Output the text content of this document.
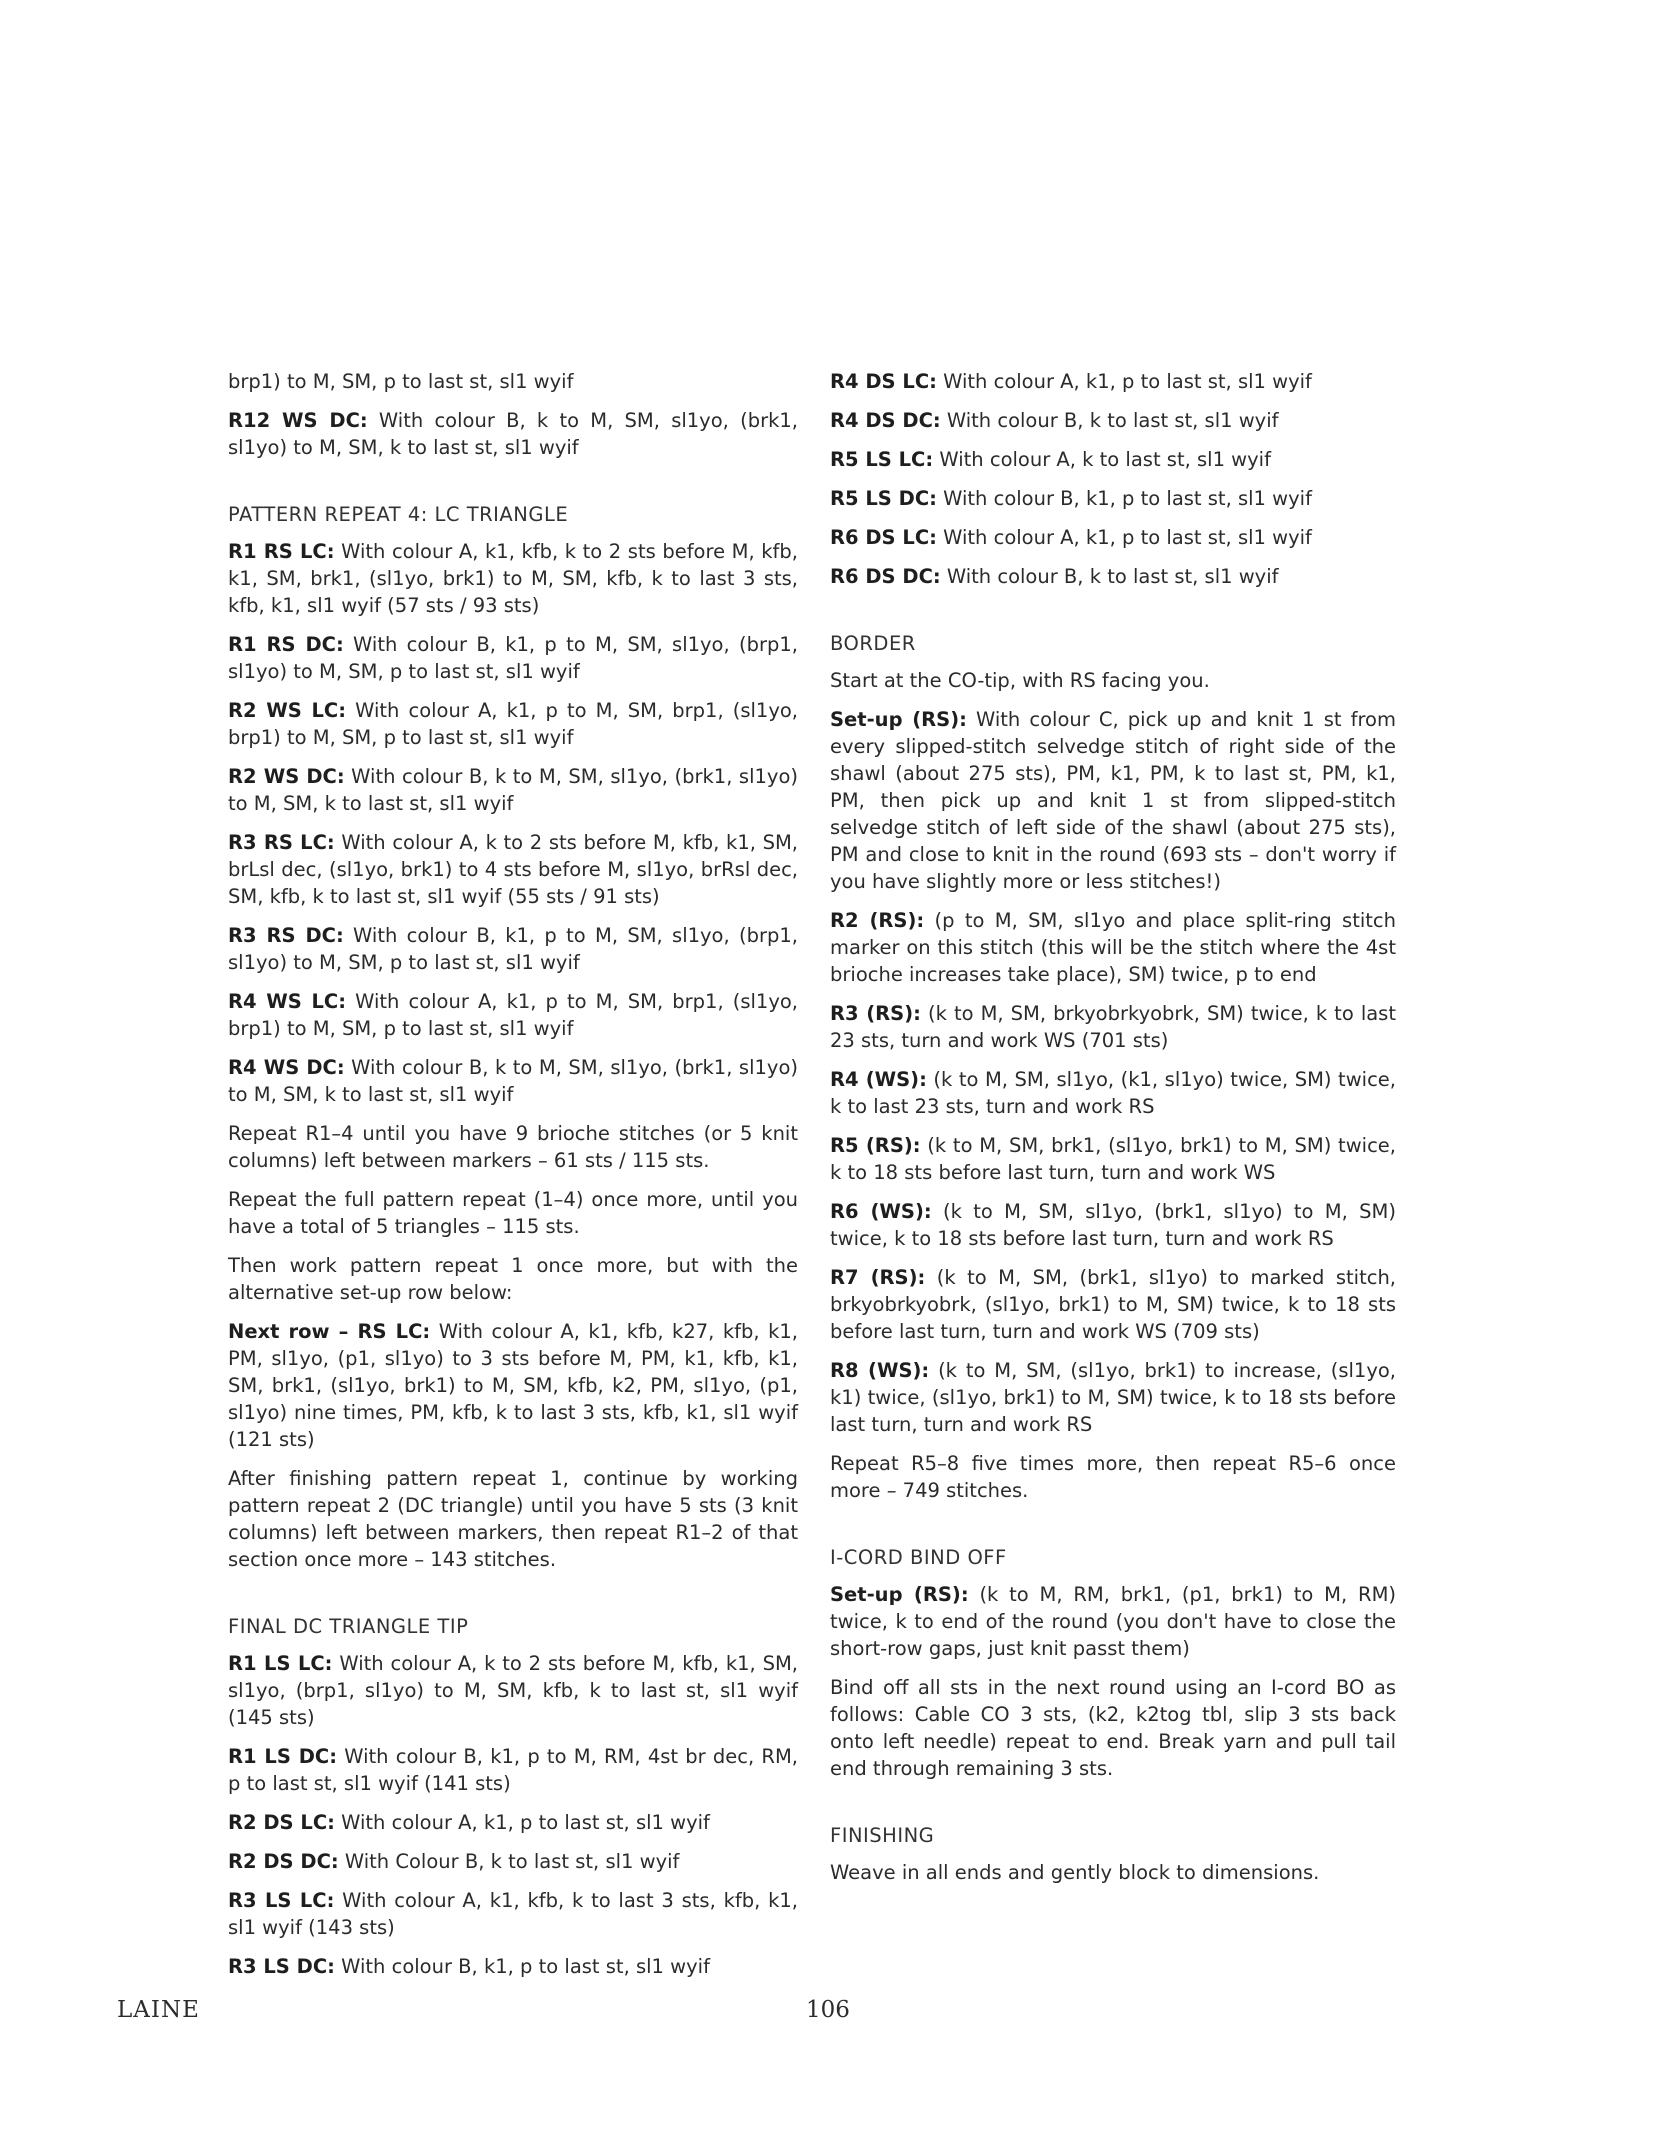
brp1) to M, SM, p to last st, sl1 wyif

R12 WS DC: With colour B, k to M, SM, sl1yo, (brk1, sl1yo) to M, SM, k to last st, sl1 wyif

PATTERN REPEAT 4: LC TRIANGLE

R1 RS LC: With colour A, k1, kfb, k to 2 sts before M, kfb, k1, SM, brk1, (sl1yo, brk1) to M, SM, kfb, k to last 3 sts, kfb, k1, sl1 wyif (57 sts / 93 sts)

R1 RS DC: With colour B, k1, p to M, SM, sl1yo, (brp1, sl1yo) to M, SM, p to last st, sl1 wyif

R2 WS LC: With colour A, k1, p to M, SM, brp1, (sl1yo, brp1) to M, SM, p to last st, sl1 wyif

R2 WS DC: With colour B, k to M, SM, sl1yo, (brk1, sl1yo) to M, SM, k to last st, sl1 wyif

R3 RS LC: With colour A, k to 2 sts before M, kfb, k1, SM, brLsl dec, (sl1yo, brk1) to 4 sts before M, sl1yo, brRsl dec, SM, kfb, k to last st, sl1 wyif (55 sts / 91 sts)

R3 RS DC: With colour B, k1, p to M, SM, sl1yo, (brp1, sl1yo) to M, SM, p to last st, sl1 wyif

R4 WS LC: With colour A, k1, p to M, SM, brp1, (sl1yo, brp1) to M, SM, p to last st, sl1 wyif

R4 WS DC: With colour B, k to M, SM, sl1yo, (brk1, sl1yo) to M, SM, k to last st, sl1 wyif

Repeat R1–4 until you have 9 brioche stitches (or 5 knit columns) left between markers – 61 sts / 115 sts.

Repeat the full pattern repeat (1–4) once more, until you have a total of 5 triangles – 115 sts.

Then work pattern repeat 1 once more, but with the alternative set-up row below:

Next row – RS LC: With colour A, k1, kfb, k27, kfb, k1, PM, sl1yo, (p1, sl1yo) to 3 sts before M, PM, k1, kfb, k1, SM, brk1, (sl1yo, brk1) to M, SM, kfb, k2, PM, sl1yo, (p1, sl1yo) nine times, PM, kfb, k to last 3 sts, kfb, k1, sl1 wyif (121 sts)

After finishing pattern repeat 1, continue by working pattern repeat 2 (DC triangle) until you have 5 sts (3 knit columns) left between markers, then repeat R1–2 of that section once more – 143 stitches.

FINAL DC TRIANGLE TIP

R1 LS LC: With colour A, k to 2 sts before M, kfb, k1, SM, sl1yo, (brp1, sl1yo) to M, SM, kfb, k to last st, sl1 wyif (145 sts)

R1 LS DC: With colour B, k1, p to M, RM, 4st br dec, RM, p to last st, sl1 wyif (141 sts)

R2 DS LC: With colour A, k1, p to last st, sl1 wyif

R2 DS DC: With Colour B, k to last st, sl1 wyif

R3 LS LC: With colour A, k1, kfb, k to last 3 sts, kfb, k1, sl1 wyif (143 sts)

R3 LS DC: With colour B, k1, p to last st, sl1 wyif

R4 DS LC: With colour A, k1, p to last st, sl1 wyif

R4 DS DC: With colour B, k to last st, sl1 wyif

R5 LS LC: With colour A, k to last st, sl1 wyif

R5 LS DC: With colour B, k1, p to last st, sl1 wyif

R6 DS LC: With colour A, k1, p to last st, sl1 wyif

R6 DS DC: With colour B, k to last st, sl1 wyif

BORDER

Start at the CO-tip, with RS facing you.

Set-up (RS): With colour C, pick up and knit 1 st from every slipped-stitch selvedge stitch of right side of the shawl (about 275 sts), PM, k1, PM, k to last st, PM, k1, PM, then pick up and knit 1 st from slipped-stitch selvedge stitch of left side of the shawl (about 275 sts), PM and close to knit in the round (693 sts – don't worry if you have slightly more or less stitches!)

R2 (RS): (p to M, SM, sl1yo and place split-ring stitch marker on this stitch (this will be the stitch where the 4st brioche increases take place), SM) twice, p to end

R3 (RS): (k to M, SM, brkyobrkyobrk, SM) twice, k to last 23 sts, turn and work WS (701 sts)

R4 (WS): (k to M, SM, sl1yo, (k1, sl1yo) twice, SM) twice, k to last 23 sts, turn and work RS

R5 (RS): (k to M, SM, brk1, (sl1yo, brk1) to M, SM) twice, k to 18 sts before last turn, turn and work WS

R6 (WS): (k to M, SM, sl1yo, (brk1, sl1yo) to M, SM) twice, k to 18 sts before last turn, turn and work RS

R7 (RS): (k to M, SM, (brk1, sl1yo) to marked stitch, brkyobrkyobrk, (sl1yo, brk1) to M, SM) twice, k to 18 sts before last turn, turn and work WS (709 sts)

R8 (WS): (k to M, SM, (sl1yo, brk1) to increase, (sl1yo, k1) twice, (sl1yo, brk1) to M, SM) twice, k to 18 sts before last turn, turn and work RS

Repeat R5–8 five times more, then repeat R5–6 once more – 749 stitches.

I-CORD BIND OFF

Set-up (RS): (k to M, RM, brk1, (p1, brk1) to M, RM) twice, k to end of the round (you don't have to close the short-row gaps, just knit passt them)

Bind off all sts in the next round using an I-cord BO as follows: Cable CO 3 sts, (k2, k2tog tbl, slip 3 sts back onto left needle) repeat to end. Break yarn and pull tail end through remaining 3 sts.

FINISHING

Weave in all ends and gently block to dimensions.

LAINE	106
